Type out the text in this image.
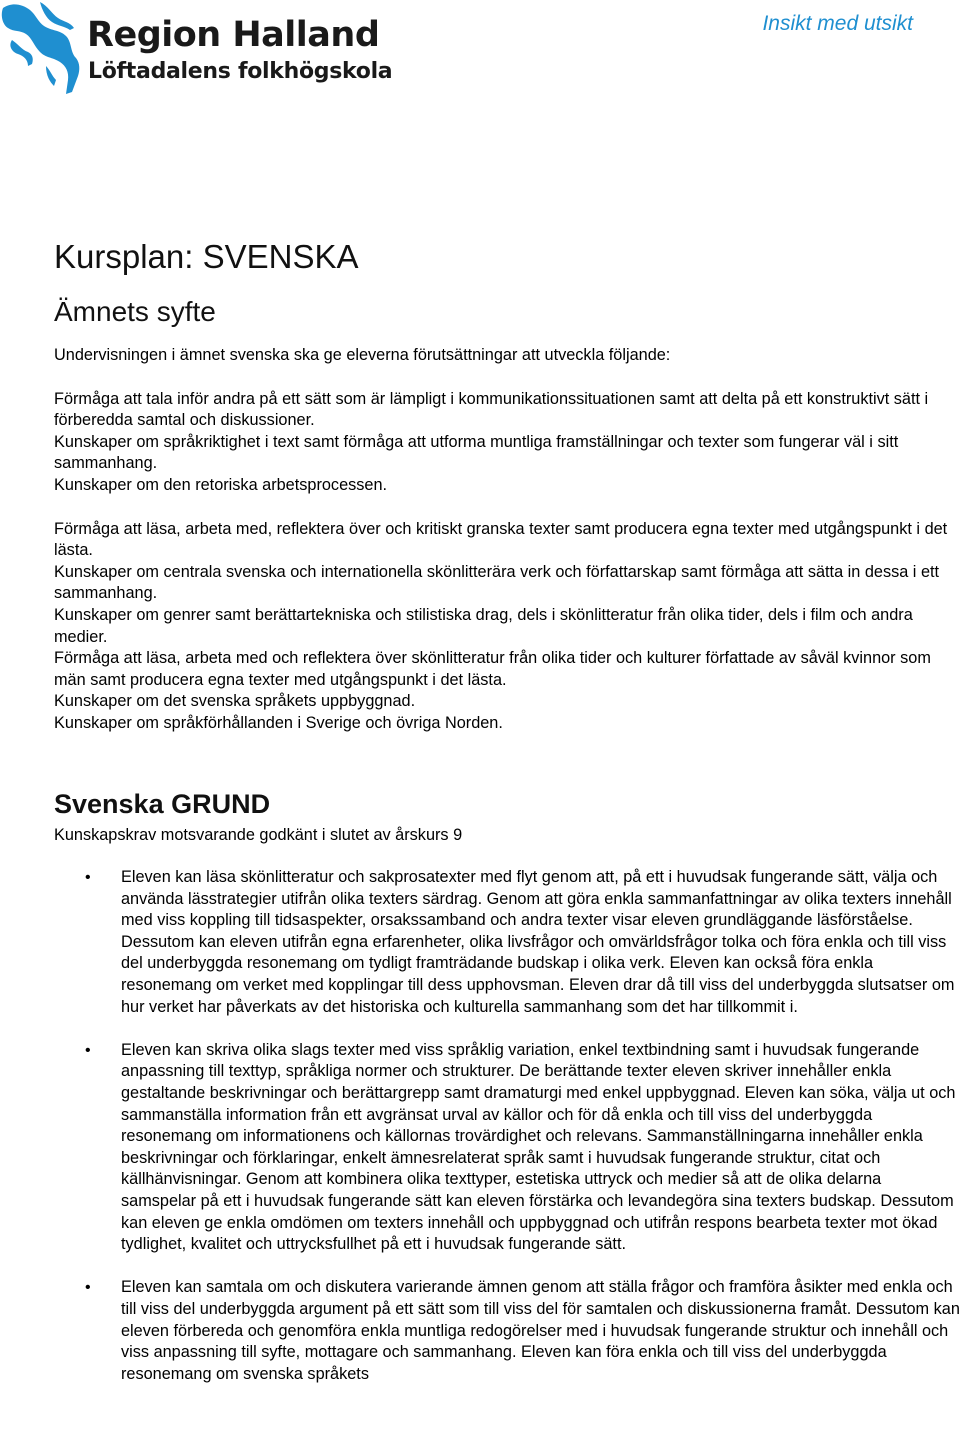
Region Halland
Löftadalens folkhögskola
Insikt med utsikt
Kursplan: SVENSKA
Ämnets syfte

Undervisningen i ämnet svenska ska ge eleverna förutsättningar att utveckla följande:

Förmåga att tala inför andra på ett sätt som är lämpligt i kommunikationssituationen samt att delta på ett konstruktivt sätt i förberedda samtal och diskussioner.

Kunskaper om språkriktighet i text samt förmåga att utforma muntliga framställningar och texter som fungerar väl i sitt sammanhang.

Kunskaper om den retoriska arbetsprocessen.

Förmåga att läsa, arbeta med, reflektera över och kritiskt granska texter samt producera egna texter med utgångspunkt i det lästa.

Kunskaper om centrala svenska och internationella skönlitterära verk och författarskap samt förmåga att sätta in dessa i ett sammanhang.

Kunskaper om genrer samt berättartekniska och stilistiska drag, dels i skönlitteratur från olika tider, dels i film och andra medier.

Förmåga att läsa, arbeta med och reflektera över skönlitteratur från olika tider och kulturer författade av såväl kvinnor som män samt producera egna texter med utgångspunkt i det lästa.

Kunskaper om det svenska språkets uppbyggnad.

Kunskaper om språkförhållanden i Sverige och övriga Norden.

Svenska GRUND

Kunskapskrav motsvarande godkänt i slutet av årskurs 9

• Eleven kan läsa skönlitteratur och sakprosatexter med flyt genom att, på ett i huvudsak fungerande sätt, välja och använda lässtrategier utifrån olika texters särdrag. Genom att göra enkla sammanfattningar av olika texters innehåll med viss koppling till tidsaspekter, orsakssamband och andra texter visar eleven grundläggande läsförståelse. Dessutom kan eleven utifrån egna erfarenheter, olika livsfrågor och omvärldsfrågor tolka och föra enkla och till viss del underbyggda resonemang om tydligt framträdande budskap i olika verk. Eleven kan också föra enkla resonemang om verket med kopplingar till dess upphovsman. Eleven drar då till viss del underbyggda slutsatser om hur verket har påverkats av det historiska och kulturella sammanhang som det har tillkommit i.
• Eleven kan skriva olika slags texter med viss språklig variation, enkel textbindning samt i huvudsak fungerande anpassning till texttyp, språkliga normer och strukturer. De berättande texter eleven skriver innehåller enkla gestaltande beskrivningar och berättargrepp samt dramaturgi med enkel uppbyggnad. Eleven kan söka, välja ut och sammanställa information från ett avgränsat urval av källor och för då enkla och till viss del underbyggda resonemang om informationens och källornas trovärdighet och relevans. Sammanställningarna innehåller enkla beskrivningar och förklaringar, enkelt ämnesrelaterat språk samt i huvudsak fungerande struktur, citat och källhänvisningar. Genom att kombinera olika texttyper, estetiska uttryck och medier så att de olika delarna samspelar på ett i huvudsak fungerande sätt kan eleven förstärka och levandegöra sina texters budskap. Dessutom kan eleven ge enkla omdömen om texters innehåll och uppbyggnad och utifrån respons bearbeta texter mot ökad tydlighet, kvalitet och uttrycksfullhet på ett i huvudsak fungerande sätt.
• Eleven kan samtala om och diskutera varierande ämnen genom att ställa frågor och framföra åsikter med enkla och till viss del underbyggda argument på ett sätt som till viss del för samtalen och diskussionerna framåt. Dessutom kan eleven förbereda och genomföra enkla muntliga redogörelser med i huvudsak fungerande struktur och innehåll och viss anpassning till syfte, mottagare och sammanhang. Eleven kan föra enkla och till viss del underbyggda resonemang om svenska språkets
